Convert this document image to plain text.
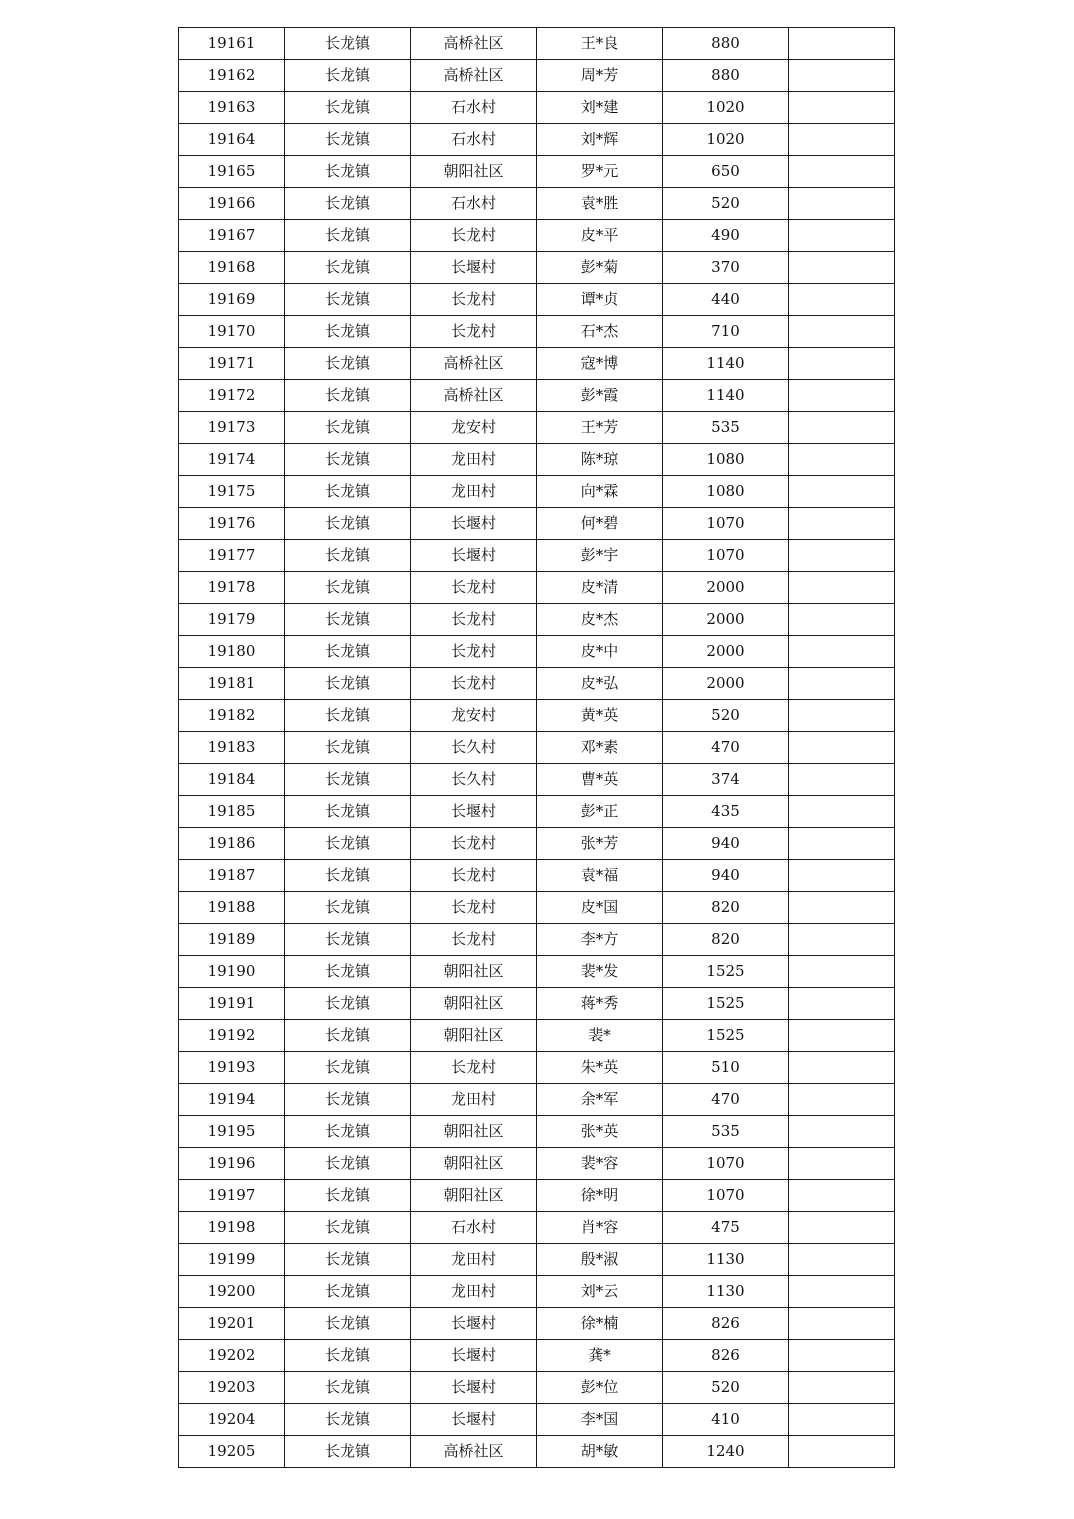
19161	长龙镇	高桥社区	王*良	880	
19162	长龙镇	高桥社区	周*芳	880	
19163	长龙镇	石水村	刘*建	1020	
19164	长龙镇	石水村	刘*辉	1020	
19165	长龙镇	朝阳社区	罗*元	650	
19166	长龙镇	石水村	袁*胜	520	
19167	长龙镇	长龙村	皮*平	490	
19168	长龙镇	长堰村	彭*菊	370	
19169	长龙镇	长龙村	谭*贞	440	
19170	长龙镇	长龙村	石*杰	710	
19171	长龙镇	高桥社区	寇*博	1140	
19172	长龙镇	高桥社区	彭*霞	1140	
19173	长龙镇	龙安村	王*芳	535	
19174	长龙镇	龙田村	陈*琼	1080	
19175	长龙镇	龙田村	向*霖	1080	
19176	长龙镇	长堰村	何*碧	1070	
19177	长龙镇	长堰村	彭*宇	1070	
19178	长龙镇	长龙村	皮*清	2000	
19179	长龙镇	长龙村	皮*杰	2000	
19180	长龙镇	长龙村	皮*中	2000	
19181	长龙镇	长龙村	皮*弘	2000	
19182	长龙镇	龙安村	黄*英	520	
19183	长龙镇	长久村	邓*素	470	
19184	长龙镇	长久村	曹*英	374	
19185	长龙镇	长堰村	彭*正	435	
19186	长龙镇	长龙村	张*芳	940	
19187	长龙镇	长龙村	袁*福	940	
19188	长龙镇	长龙村	皮*国	820	
19189	长龙镇	长龙村	李*方	820	
19190	长龙镇	朝阳社区	裴*发	1525	
19191	长龙镇	朝阳社区	蒋*秀	1525	
19192	长龙镇	朝阳社区	裴*	1525	
19193	长龙镇	长龙村	朱*英	510	
19194	长龙镇	龙田村	余*军	470	
19195	长龙镇	朝阳社区	张*英	535	
19196	长龙镇	朝阳社区	裴*容	1070	
19197	长龙镇	朝阳社区	徐*明	1070	
19198	长龙镇	石水村	肖*容	475	
19199	长龙镇	龙田村	殷*淑	1130	
19200	长龙镇	龙田村	刘*云	1130	
19201	长龙镇	长堰村	徐*楠	826	
19202	长龙镇	长堰村	龚*	826	
19203	长龙镇	长堰村	彭*位	520	
19204	长龙镇	长堰村	李*国	410	
19205	长龙镇	高桥社区	胡*敏	1240	
